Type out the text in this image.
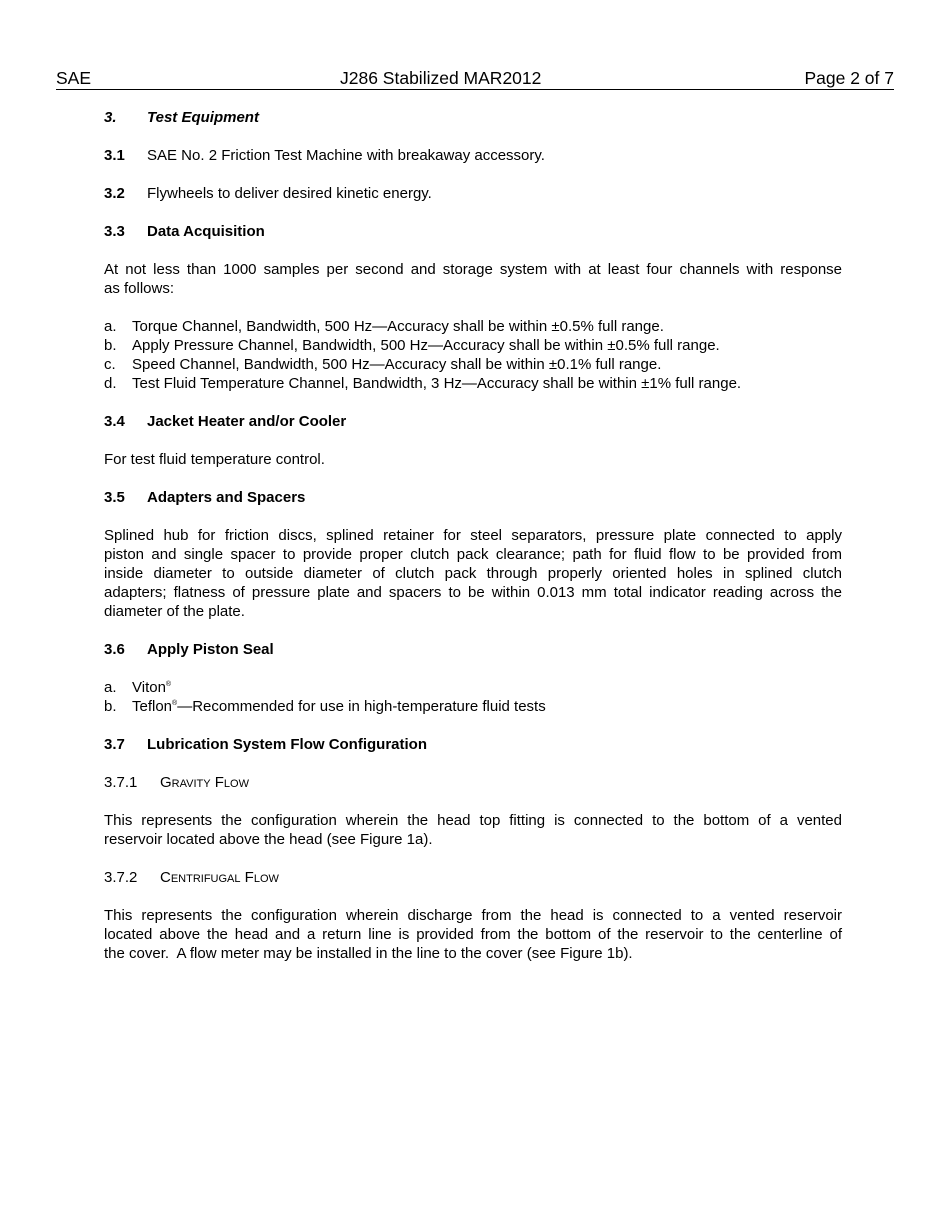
SAE	J286 Stabilized MAR2012	Page 2 of 7
3. Test Equipment
3.1 SAE No. 2 Friction Test Machine with breakaway accessory.
3.2 Flywheels to deliver desired kinetic energy.
3.3 Data Acquisition
At not less than 1000 samples per second and storage system with at least four channels with response
as follows:
a. Torque Channel, Bandwidth, 500 Hz—Accuracy shall be within ±0.5% full range.
b. Apply Pressure Channel, Bandwidth, 500 Hz—Accuracy shall be within ±0.5% full range.
c. Speed Channel, Bandwidth, 500 Hz—Accuracy shall be within ±0.1% full range.
d. Test Fluid Temperature Channel, Bandwidth, 3 Hz—Accuracy shall be within ±1% full range.
3.4 Jacket Heater and/or Cooler
For test fluid temperature control.
3.5 Adapters and Spacers
Splined hub for friction discs, splined retainer for steel separators, pressure plate connected to apply
piston and single spacer to provide proper clutch pack clearance; path for fluid flow to be provided from
inside diameter to outside diameter of clutch pack through properly oriented holes in splined clutch
adapters; flatness of pressure plate and spacers to be within 0.013 mm total indicator reading across the
diameter of the plate.
3.6 Apply Piston Seal
a. Viton®
b. Teflon®—Recommended for use in high-temperature fluid tests
3.7 Lubrication System Flow Configuration
3.7.1 Gravity Flow
This represents the configuration wherein the head top fitting is connected to the bottom of a vented
reservoir located above the head (see Figure 1a).
3.7.2 Centrifugal Flow
This represents the configuration wherein discharge from the head is connected to a vented reservoir
located above the head and a return line is provided from the bottom of the reservoir to the centerline of
the cover.  A flow meter may be installed in the line to the cover (see Figure 1b).
